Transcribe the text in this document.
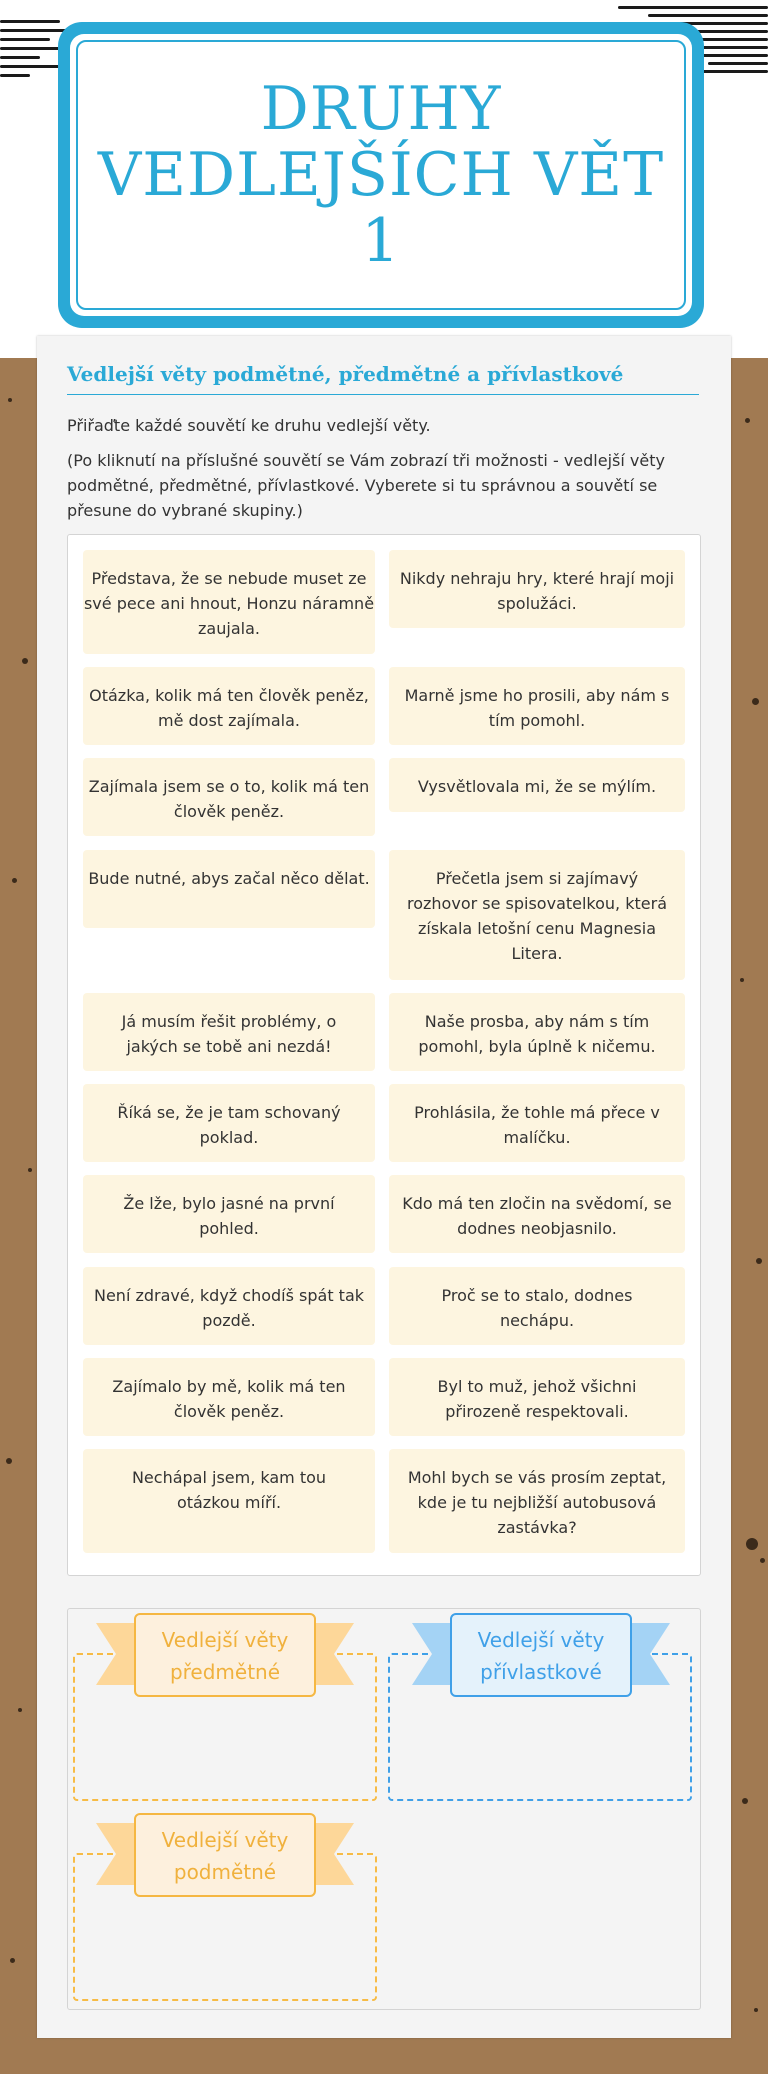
DRUHY VEDLEJŠÍCH VĚT 1
Vedlejší věty podmětné, předmětné a přívlastkové
Přiřaďte každé souvětí ke druhu vedlejší věty.
(Po kliknutí na příslušné souvětí se Vám zobrazí tři možnosti - vedlejší věty podmětné, předmětné, přívlastkové. Vyberete si tu správnou a souvětí se přesune do vybrané skupiny.)
Představa, že se nebude muset ze své pece ani hnout, Honzu náramně zaujala.
Nikdy nehraju hry, které hrají moji spolužáci.
Otázka, kolik má ten člověk peněz, mě dost zajímala.
Marně jsme ho prosili, aby nám s tím pomohl.
Zajímala jsem se o to, kolik má ten člověk peněz.
Vysvětlovala mi, že se mýlím.
Bude nutné, abys začal něco dělat.	Přečetla jsem si zajímavý rozhovor se spisovatelkou, která získala letošní cenu Magnesia Litera.
Já musím řešit problémy, o jakých se tobě ani nezdá!
Naše prosba, aby nám s tím pomohl, byla úplně k ničemu.
Říká se, že je tam schovaný poklad.
Prohlásila, že tohle má přece v malíčku.
Že lže, bylo jasné na první pohled.
Kdo má ten zločin na svědomí, se dodnes neobjasnilo.
Není zdravé, když chodíš spát tak pozdě.
Proč se to stalo, dodnes nechápu.
Zajímalo by mě, kolik má ten člověk peněz.
Byl to muž, jehož všichni přirozeně respektovali.
Nechápal jsem, kam tou otázkou míří.
Mohl bych se vás prosím zeptat, kde je tu nejbližší autobusová zastávka?
Vedlejší věty předmětné
Vedlejší věty přívlastkové
Vedlejší věty podmětné
